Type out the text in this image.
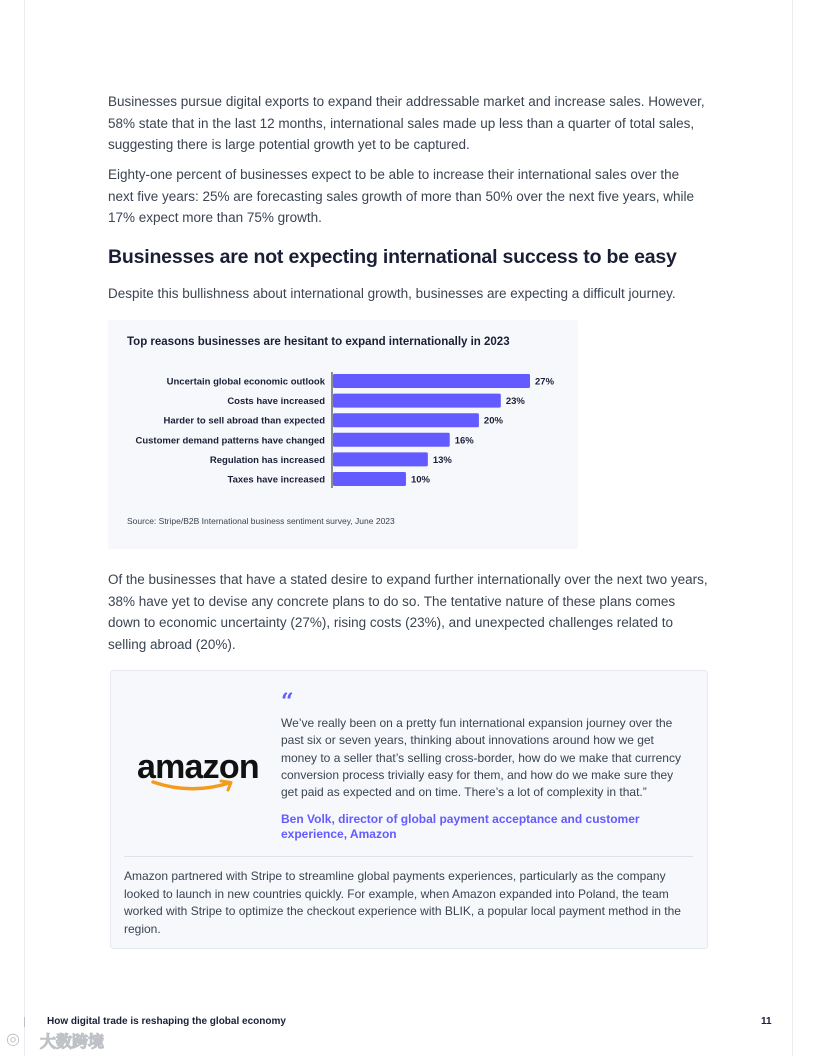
Businesses pursue digital exports to expand their addressable market and increase sales. However, 58% state that in the last 12 months, international sales made up less than a quarter of total sales, suggesting there is large potential growth yet to be captured.

Eighty-one percent of businesses expect to be able to increase their international sales over the next five years: 25% are forecasting sales growth of more than 50% over the next five years, while 17% expect more than 75% growth.

Businesses are not expecting international success to be easy

Despite this bullishness about international growth, businesses are expecting a difficult journey.

Top reasons businesses are hesitant to expand internationally in 2023
Uncertain global economic outlook	27%
Costs have increased	23%
Harder to sell abroad than expected	20%
Customer demand patterns have changed	16%
Regulation has increased	13%
Taxes have increased	10%
Source: Stripe/B2B International business sentiment survey, June 2023

Of the businesses that have a stated desire to expand further internationally over the next two years, 38% have yet to devise any concrete plans to do so. The tentative nature of these plans comes down to economic uncertainty (27%), rising costs (23%), and unexpected challenges related to selling abroad (20%).

amazon
“
We’ve really been on a pretty fun international expansion journey over the past six or seven years, thinking about innovations around how we get money to a seller that’s selling cross-border, how do we make that currency conversion process trivially easy for them, and how do we make sure they get paid as expected and on time. There’s a lot of complexity in that.”
Ben Volk, director of global payment acceptance and customer experience, Amazon
Amazon partnered with Stripe to streamline global payments experiences, particularly as the company looked to launch in new countries quickly. For example, when Amazon expanded into Poland, the team worked with Stripe to optimize the checkout experience with BLIK, a popular local payment method in the region.
How digital trade is reshaping the global economy	11
◎ 大数跨境
